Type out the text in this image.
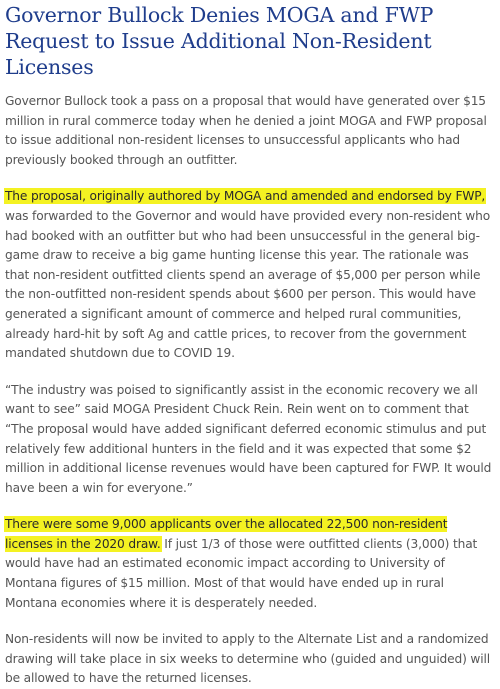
Governor Bullock Denies MOGA and FWP Request to Issue Additional Non-Resident Licenses

Governor Bullock took a pass on a proposal that would have generated over $15 million in rural commerce today when he denied a joint MOGA and FWP proposal to issue additional non-resident licenses to unsuccessful applicants who had previously booked through an outfitter.

The proposal, originally authored by MOGA and amended and endorsed by FWP, was forwarded to the Governor and would have provided every non-resident who had booked with an outfitter but who had been unsuccessful in the general big-game draw to receive a big game hunting license this year. The rationale was that non-resident outfitted clients spend an average of $5,000 per person while the non-outfitted non-resident spends about $600 per person. This would have generated a significant amount of commerce and helped rural communities, already hard-hit by soft Ag and cattle prices, to recover from the government mandated shutdown due to COVID 19.

“The industry was poised to significantly assist in the economic recovery we all want to see” said MOGA President Chuck Rein. Rein went on to comment that “The proposal would have added significant deferred economic stimulus and put relatively few additional hunters in the field and it was expected that some $2 million in additional license revenues would have been captured for FWP. It would have been a win for everyone.”

There were some 9,000 applicants over the allocated 22,500 non-resident licenses in the 2020 draw. If just 1/3 of those were outfitted clients (3,000) that would have had an estimated economic impact according to University of Montana figures of $15 million. Most of that would have ended up in rural Montana economies where it is desperately needed.

Non-residents will now be invited to apply to the Alternate List and a randomized drawing will take place in six weeks to determine who (guided and unguided) will be allowed to have the returned licenses.
